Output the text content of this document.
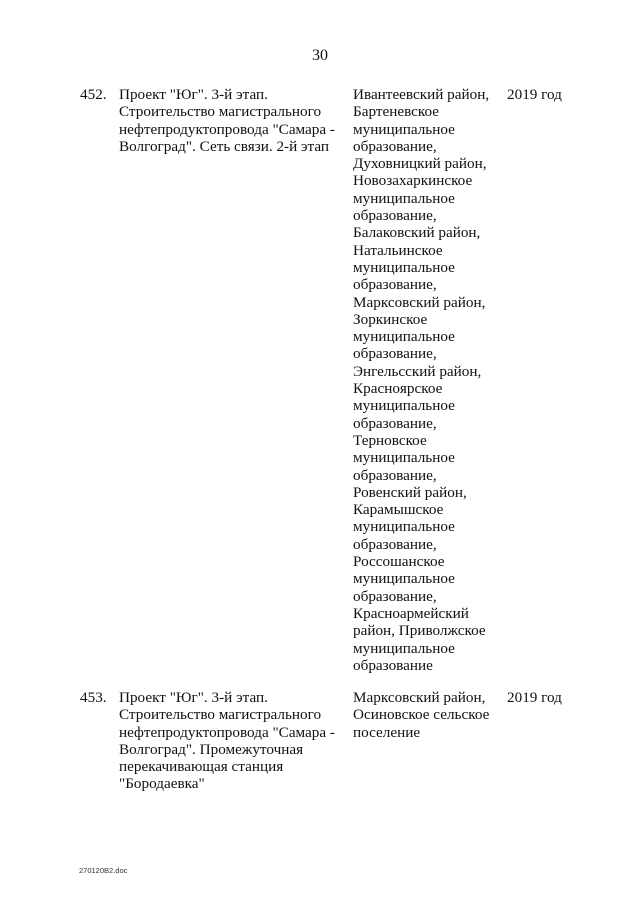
30
452. Проект "Юг". 3-й этап.
Строительство магистрального
нефтепродуктопровода "Самара -
Волгоград". Сеть связи. 2-й этап
Ивантеевский район,
Бартеневское
муниципальное
образование,
Духовницкий район,
Новозахаркинское
муниципальное
образование,
Балаковский район,
Натальинское
муниципальное
образование,
Марксовский район,
Зоркинское
муниципальное
образование,
Энгельсский район,
Краснoярское
муниципальное
образование,
Терновское
муниципальное
образование,
Ровенский район,
Карамышское
муниципальное
образование,
Россошанское
муниципальное
образование,
Красноармейский
район, Приволжское
муниципальное
образование
2019 год
453. Проект "Юг". 3-й этап.
Строительство магистрального
нефтепродуктопровода "Самара -
Волгоград". Промежуточная
перекачивающая станция
"Бородаевка"
Марксовский район,
Осиновское сельское
поселение
2019 год
270120В2.doc
